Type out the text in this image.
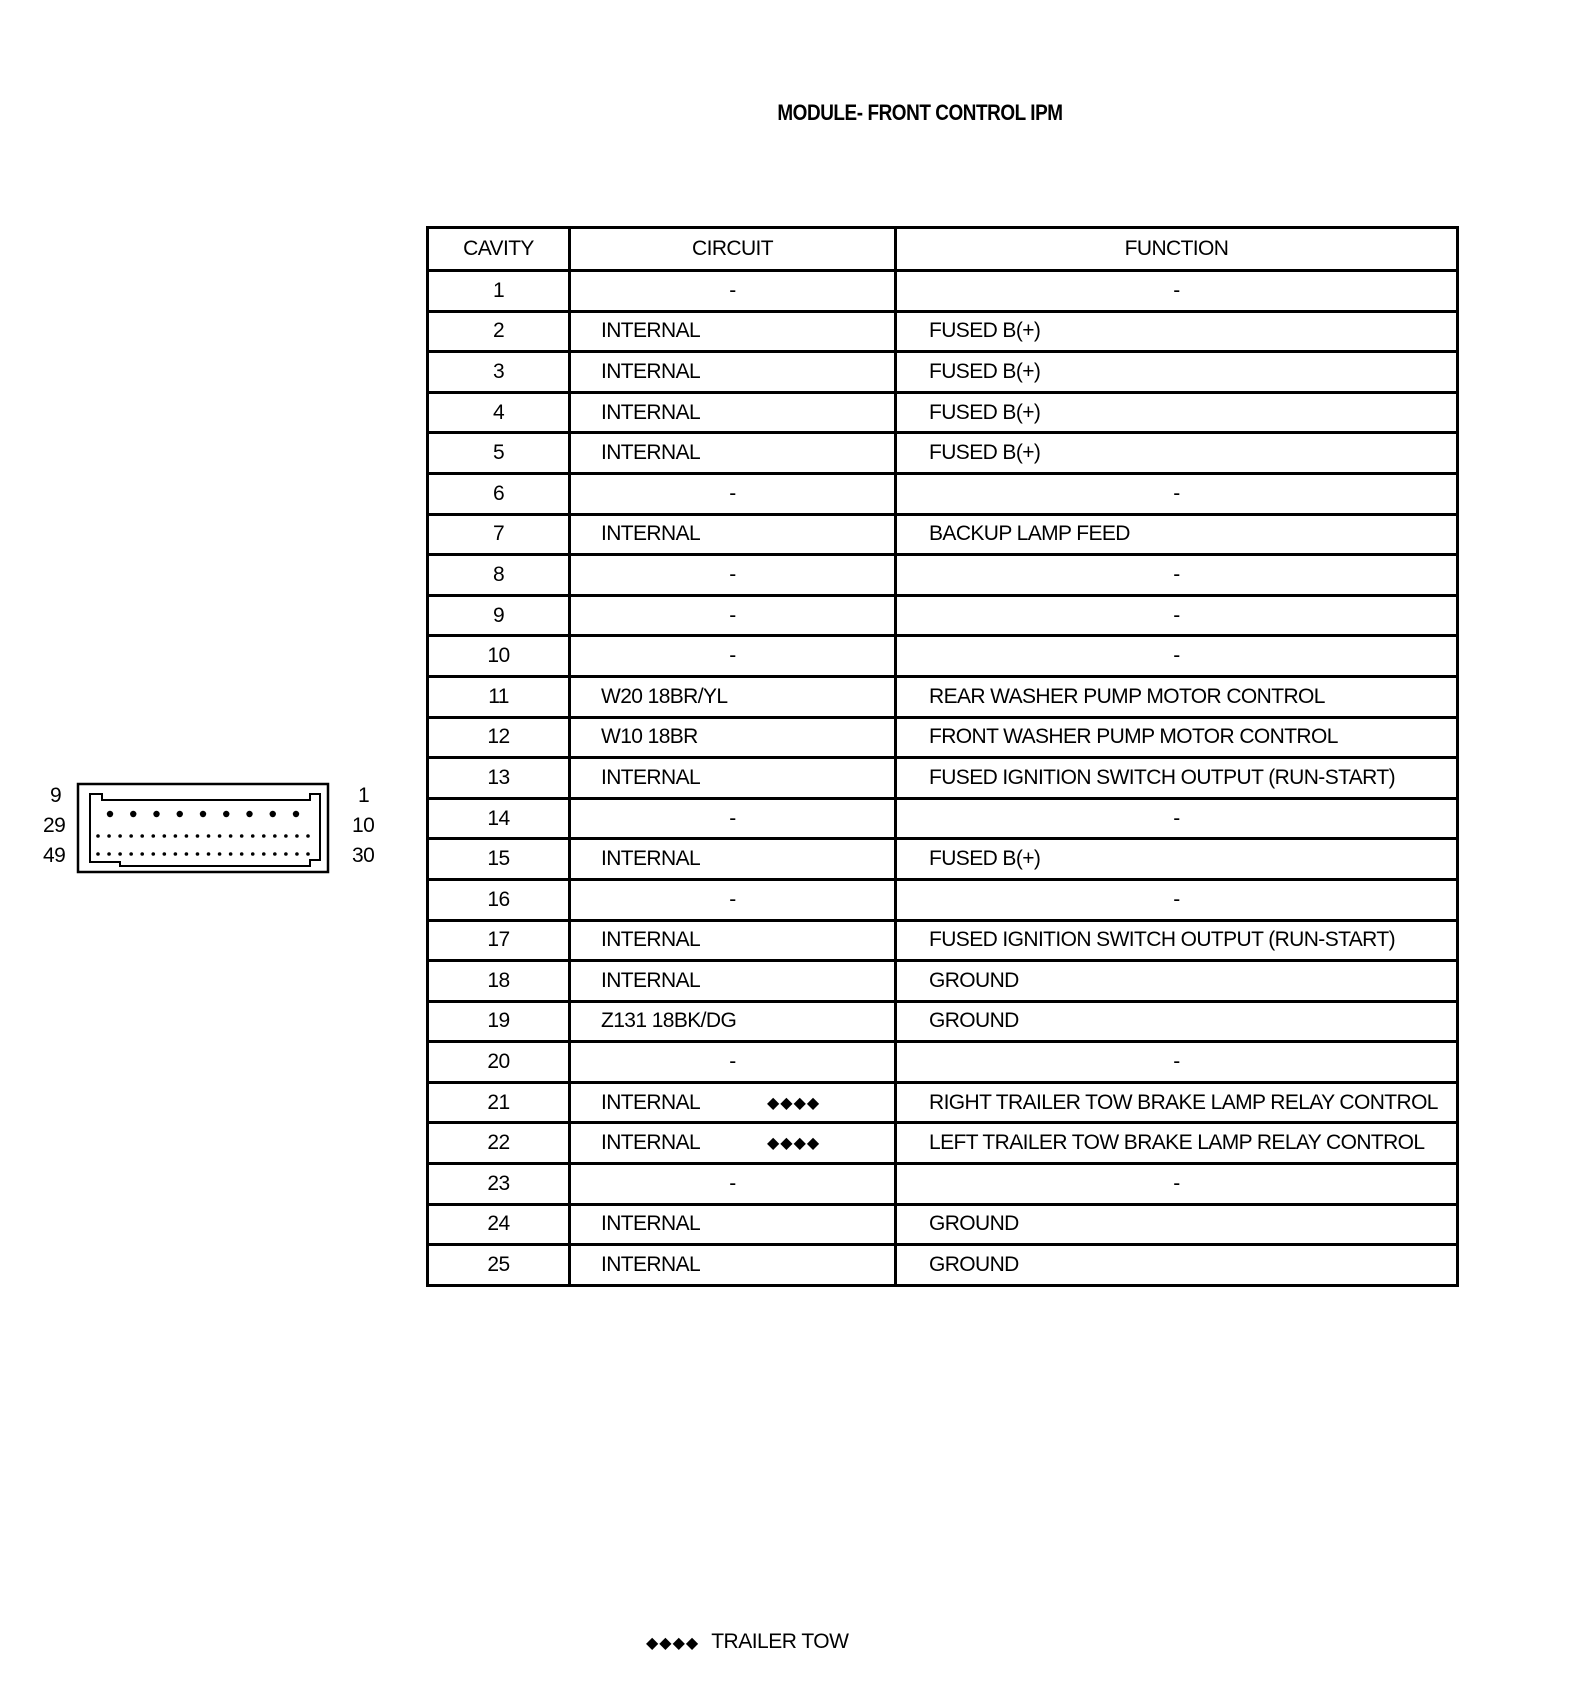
MODULE- FRONT CONTROL IPM
9
29
49
1
10
30
CAVITY	CIRCUIT	FUNCTION
1	-	-
2	INTERNAL	FUSED B(+)
3	INTERNAL	FUSED B(+)
4	INTERNAL	FUSED B(+)
5	INTERNAL	FUSED B(+)
6	-	-
7	INTERNAL	BACKUP LAMP FEED
8	-	-
9	-	-
10	-	-
11	W20 18BR/YL	REAR WASHER PUMP MOTOR CONTROL
12	W10 18BR	FRONT WASHER PUMP MOTOR CONTROL
13	INTERNAL	FUSED IGNITION SWITCH OUTPUT (RUN-START)
14	-	-
15	INTERNAL	FUSED B(+)
16	-	-
17	INTERNAL	FUSED IGNITION SWITCH OUTPUT (RUN-START)
18	INTERNAL	GROUND
19	Z131 18BK/DG	GROUND
20	-	-
21	INTERNAL ◆◆◆◆	RIGHT TRAILER TOW BRAKE LAMP RELAY CONTROL
22	INTERNAL ◆◆◆◆	LEFT TRAILER TOW BRAKE LAMP RELAY CONTROL
23	-	-
24	INTERNAL	GROUND
25	INTERNAL	GROUND
◆◆◆◆ TRAILER TOW
